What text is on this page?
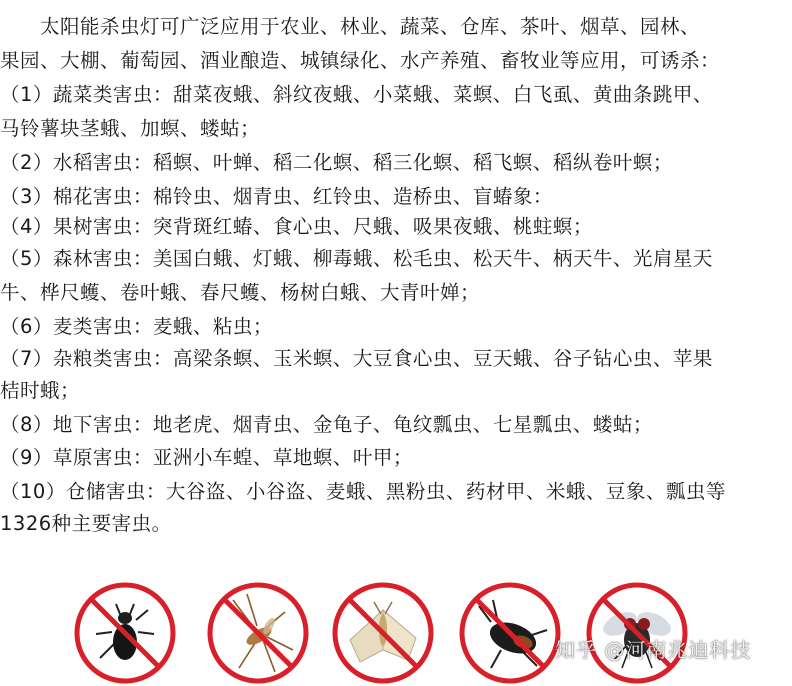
　　太阳能杀虫灯可广泛应用于农业、林业、蔬菜、仓库、茶叶、烟草、园林、
果园、大棚、葡萄园、酒业酿造、城镇绿化、水产养殖、畜牧业等应用，可诱杀：
（1）蔬菜类害虫：甜菜夜蛾、斜纹夜蛾、小菜蛾、菜螟、白飞虱、黄曲条跳甲、
马铃薯块茎蛾、加螟、蝼蛄；
（2）水稻害虫：稻螟、叶蝉、稻二化螟、稻三化螟、稻飞螟、稻纵卷叶螟；
（3）棉花害虫：棉铃虫、烟青虫、红铃虫、造桥虫、盲蝽象：
（4）果树害虫：突背斑红蝽、食心虫、尺蛾、吸果夜蛾、桃蛀螟；
（5）森林害虫：美国白蛾、灯蛾、柳毒蛾、松毛虫、松天牛、柄天牛、光肩星天
牛、桦尺蠖、卷叶蛾、春尺蠖、杨树白蛾、大青叶婵；
（6）麦类害虫：麦蛾、粘虫；
（7）杂粮类害虫：高梁条螟、玉米螟、大豆食心虫、豆天蛾、谷子钻心虫、苹果
桔时蛾；
（8）地下害虫：地老虎、烟青虫、金龟子、龟纹瓢虫、七星瓢虫、蝼蛄；
（9）草原害虫：亚洲小车蝗、草地螟、叶甲；
（10）仓储害虫：大谷盗、小谷盗、麦蛾、黑粉虫、药材甲、米蛾、豆象、瓢虫等
1326种主要害虫。
知乎 @河南兆迪科技
